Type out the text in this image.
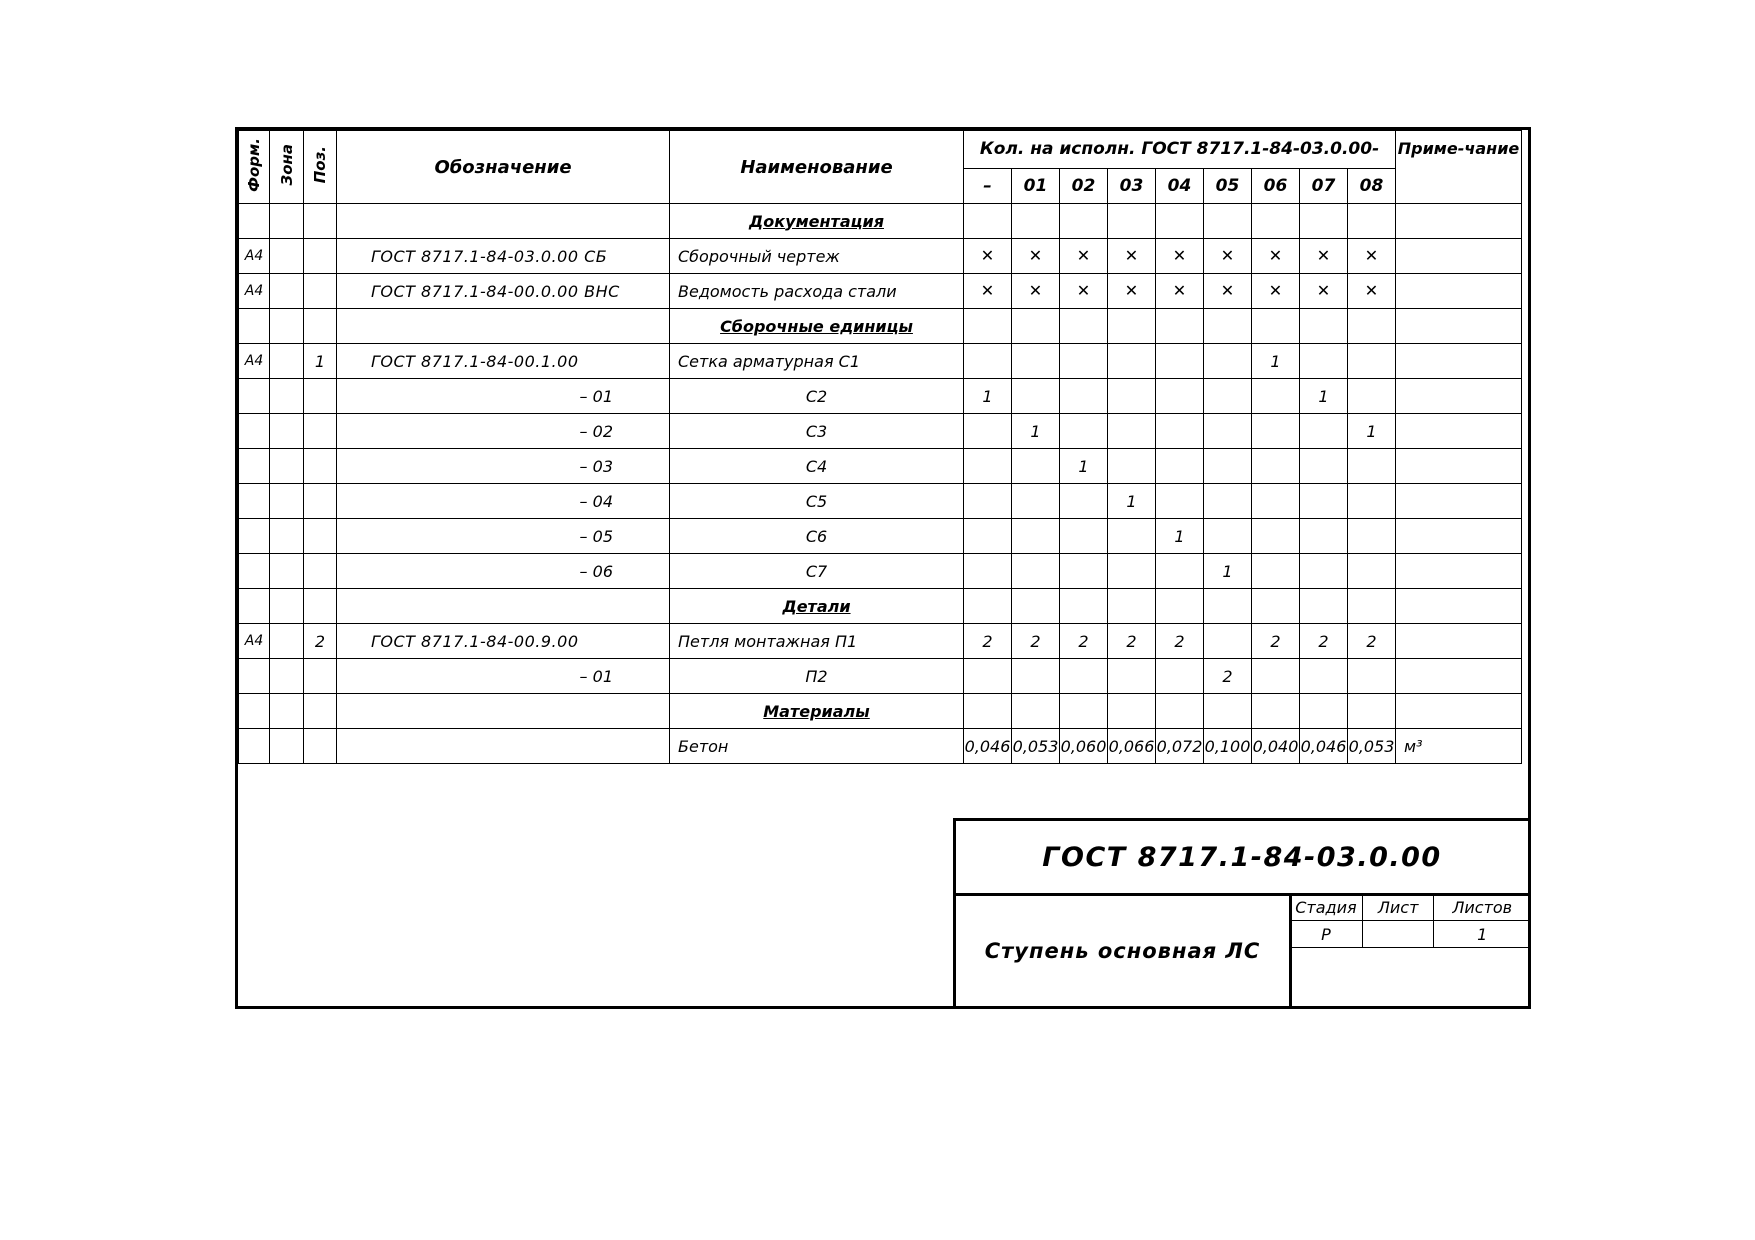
Форм.	Зона	Поз.	Обозначение	Наименование	Кол. на исполн. ГОСТ 8717.1-84-03.0.00-									Приме-чание
					–	01	02	03	04	05	06	07	08	
				Документация										
А4			ГОСТ 8717.1-84-03.0.00 СБ	Сборочный чертеж	✕	✕	✕	✕	✕	✕	✕	✕	✕	
А4			ГОСТ 8717.1-84-00.0.00 ВНС	Ведомость расхода стали	✕	✕	✕	✕	✕	✕	✕	✕	✕	
				Сборочные единицы										
А4		1	ГОСТ 8717.1-84-00.1.00	Сетка арматурная С1							1			
			– 01	С2	1							1		
			– 02	С3		1							1	
			– 03	С4			1							
			– 04	С5				1						
			– 05	С6					1					
			– 06	С7						1				
				Детали										
А4		2	ГОСТ 8717.1-84-00.9.00	Петля монтажная П1	2	2	2	2	2		2	2	2	
			– 01	П2						2				
				Материалы										
				Бетон	0,046	0,053	0,060	0,066	0,072	0,100	0,040	0,046	0,053	м³
ГОСТ 8717.1-84-03.0.00
Ступень основная ЛС
Стадия	Лист	Листов
Р		1
